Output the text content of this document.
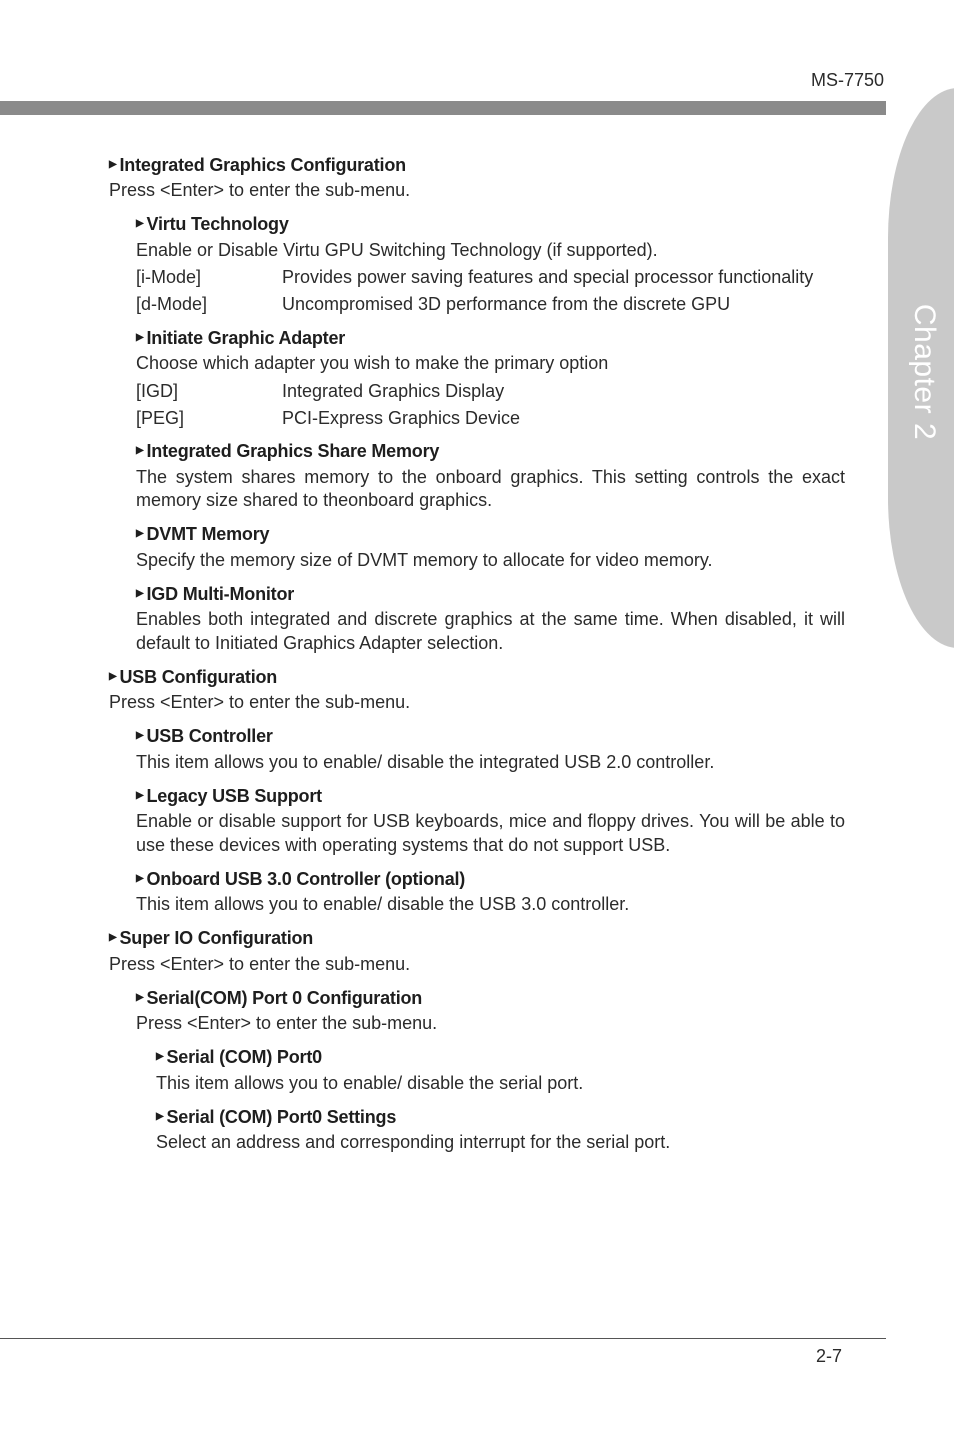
MS-7750
Chapter 2
▶ Integrated Graphics Configuration
Press <Enter> to enter the sub-menu.
▶ Virtu Technology
Enable or Disable Virtu GPU Switching Technology (if supported).
[i-Mode]	Provides power saving features and special processor functionality
[d-Mode]	Uncompromised 3D performance from the discrete GPU
▶ Initiate Graphic Adapter
Choose which adapter you wish to make the primary option
[IGD]	Integrated Graphics Display
[PEG]	PCI-Express Graphics Device
▶ Integrated Graphics Share Memory
The system shares memory to the onboard graphics. This setting controls the exact memory size shared to theonboard graphics.
▶ DVMT Memory
Specify the memory size of DVMT memory to allocate for video memory.
▶ IGD Multi-Monitor
Enables both integrated and discrete graphics at the same time. When disabled, it will default to Initiated Graphics Adapter selection.
▶ USB Configuration
Press <Enter> to enter the sub-menu.
▶ USB Controller
This item allows you to enable/ disable the integrated USB 2.0 controller.
▶ Legacy USB Support
Enable or disable support for USB keyboards, mice and floppy drives. You will be able to use these devices with operating systems that do not support USB.
▶ Onboard USB 3.0 Controller (optional)
This item allows you to enable/ disable the USB 3.0 controller.
▶ Super IO Configuration
Press <Enter> to enter the sub-menu.
▶ Serial(COM) Port 0 Configuration
Press <Enter> to enter the sub-menu.
▶ Serial (COM) Port0
This item allows you to enable/ disable the serial port.
▶ Serial (COM) Port0 Settings
Select an address and corresponding interrupt for the serial port.
2-7
